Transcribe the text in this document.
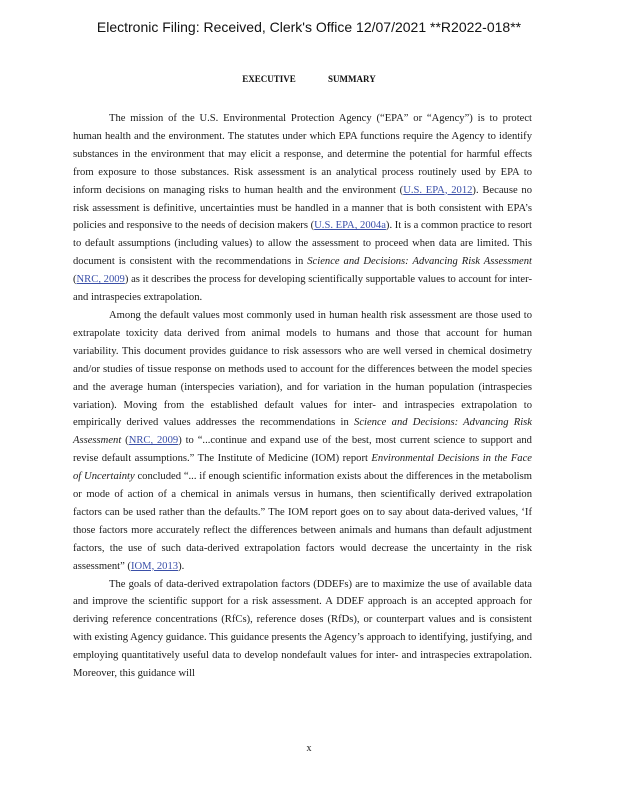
Electronic Filing: Received, Clerk's Office 12/07/2021 **R2022-018**
EXECUTIVE SUMMARY

The mission of the U.S. Environmental Protection Agency (“EPA” or “Agency”) is to protect human health and the environment. The statutes under which EPA functions require the Agency to identify substances in the environment that may elicit a response, and determine the potential for harmful effects from exposure to those substances. Risk assessment is an analytical process routinely used by EPA to inform decisions on managing risks to human health and the environment (U.S. EPA, 2012). Because no risk assessment is definitive, uncertainties must be handled in a manner that is both consistent with EPA’s policies and responsive to the needs of decision makers (U.S. EPA, 2004a). It is a common practice to resort to default assumptions (including values) to allow the assessment to proceed when data are limited. This document is consistent with the recommendations in Science and Decisions: Advancing Risk Assessment (NRC, 2009) as it describes the process for developing scientifically supportable values to account for inter- and intraspecies extrapolation.

Among the default values most commonly used in human health risk assessment are those used to extrapolate toxicity data derived from animal models to humans and those that account for human variability. This document provides guidance to risk assessors who are well versed in chemical dosimetry and/or studies of tissue response on methods used to account for the differences between the model species and the average human (interspecies variation), and for variation in the human population (intraspecies variation). Moving from the established default values for inter- and intraspecies extrapolation to empirically derived values addresses the recommendations in Science and Decisions: Advancing Risk Assessment (NRC, 2009) to “...continue and expand use of the best, most current science to support and revise default assumptions.” The Institute of Medicine (IOM) report Environmental Decisions in the Face of Uncertainty concluded “... if enough scientific information exists about the differences in the metabolism or mode of action of a chemical in animals versus in humans, then scientifically derived extrapolation factors can be used rather than the defaults.” The IOM report goes on to say about data-derived values, ‘If those factors more accurately reflect the differences between animals and humans than default adjustment factors, the use of such data-derived extrapolation factors would decrease the uncertainty in the risk assessment” (IOM, 2013).

The goals of data-derived extrapolation factors (DDEFs) are to maximize the use of available data and improve the scientific support for a risk assessment. A DDEF approach is an accepted approach for deriving reference concentrations (RfCs), reference doses (RfDs), or counterpart values and is consistent with existing Agency guidance. This guidance presents the Agency’s approach to identifying, justifying, and employing quantitatively useful data to develop nondefault values for inter- and intraspecies extrapolation. Moreover, this guidance will

x
